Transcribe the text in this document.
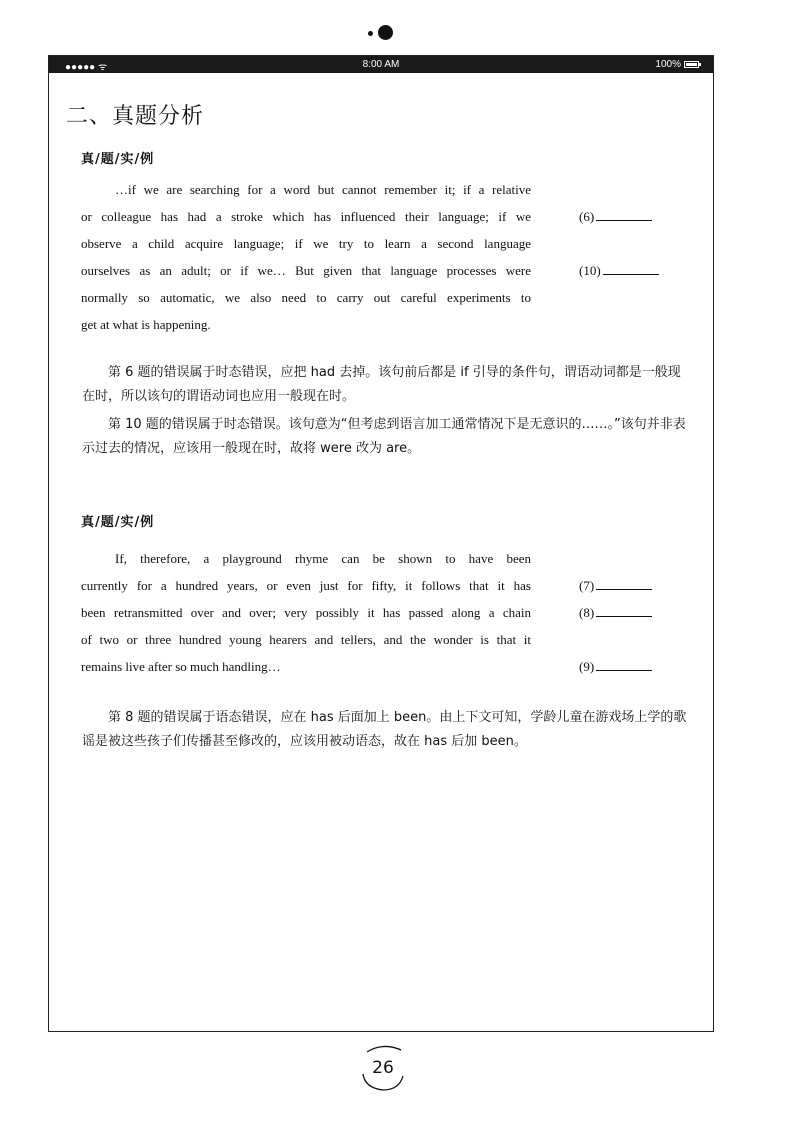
●●●●● ᯤ	8:00 AM	100%
二、真题分析
真/题/实/例
…if we are searching for a word but cannot remember it; if a relative
or colleague has had a stroke which has influenced their language; if we
observe a child acquire language; if we try to learn a second language
ourselves as an adult; or if we… But given that language processes were
normally so automatic, we also need to carry out careful experiments to
get at what is happening.
(6)
(10)
第 6 题的错误属于时态错误，应把 had 去掉。该句前后都是 if 引导的条件句，谓语动词都是一般现在时，所以该句的谓语动词也应用一般现在时。
第 10 题的错误属于时态错误。该句意为“但考虑到语言加工通常情况下是无意识的……。”该句并非表示过去的情况，应该用一般现在时，故将 were 改为 are。
真/题/实/例
If, therefore, a playground rhyme can be shown to have been
currently for a hundred years, or even just for fifty, it follows that it has
been retransmitted over and over; very possibly it has passed along a chain
of two or three hundred young hearers and tellers, and the wonder is that it
remains live after so much handling…
(7)
(8)
(9)
第 8 题的错误属于语态错误，应在 has 后面加上 been。由上下文可知，学龄儿童在游戏场上学的歌谣是被这些孩子们传播甚至修改的，应该用被动语态，故在 has 后加 been。
26
